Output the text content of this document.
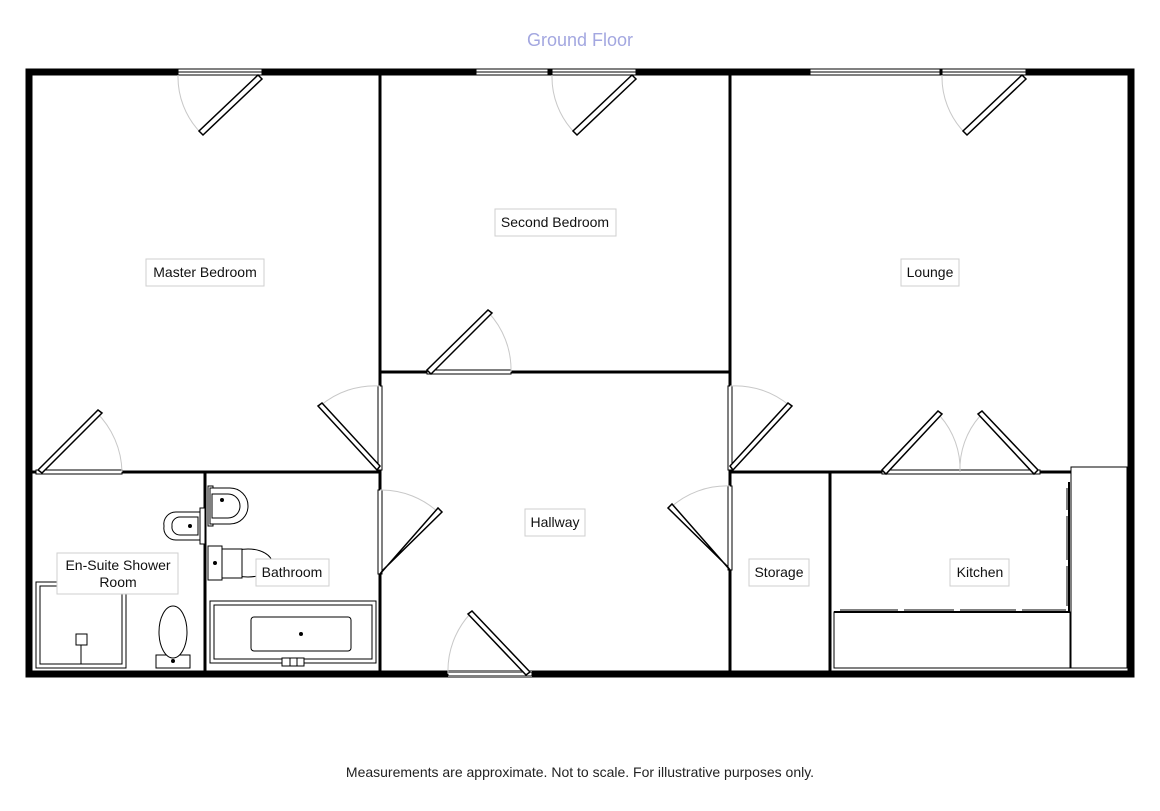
Ground Floor
Master Bedroom
Second Bedroom
Lounge
Hallway
En-Suite Shower
Room
Bathroom	Storage	Kitchen
Measurements are approximate. Not to scale. For illustrative purposes only.
